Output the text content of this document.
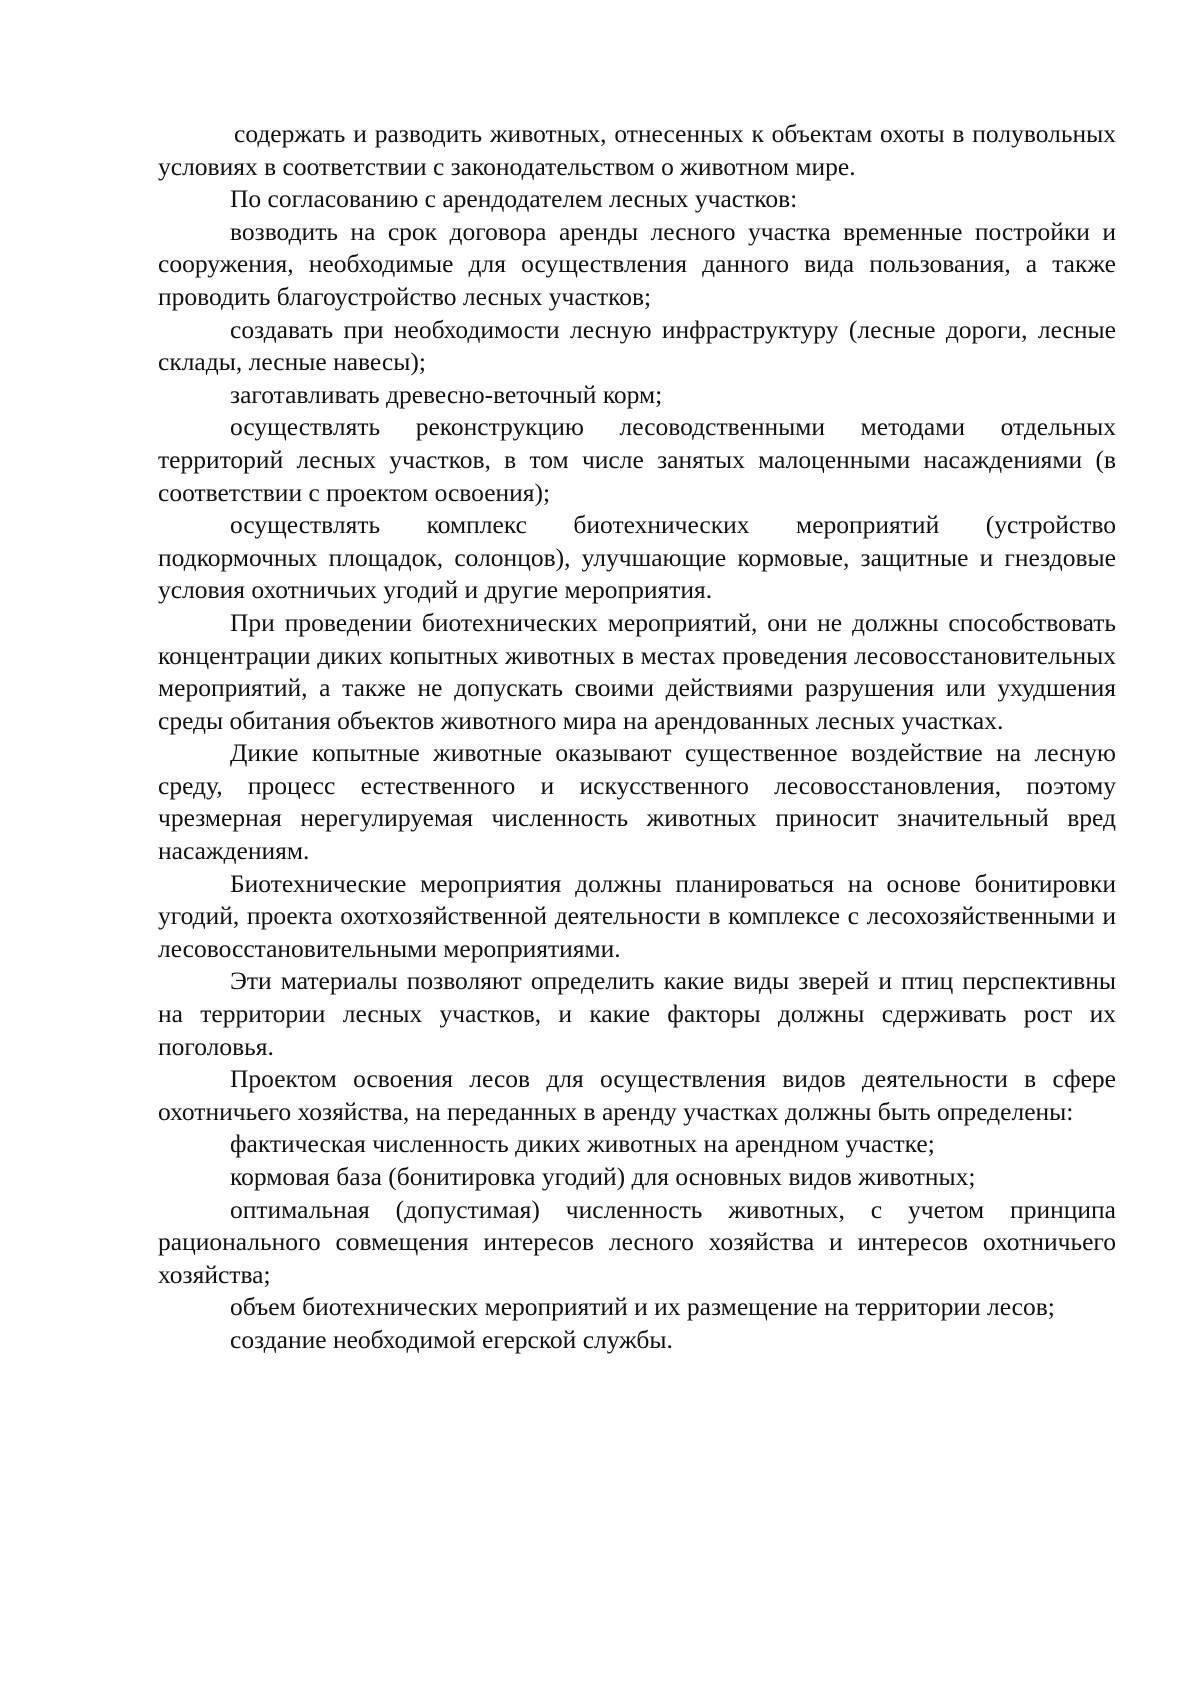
содержать и разводить животных, отнесенных к объектам охоты в полувольных условиях в соответствии с законодательством о животном мире.

По согласованию с арендодателем лесных участков:

возводить на срок договора аренды лесного участка временные постройки и сооружения, необходимые для осуществления данного вида пользования, а также проводить благоустройство лесных участков;

создавать при необходимости лесную инфраструктуру (лесные дороги, лесные склады, лесные навесы);

заготавливать древесно-веточный корм;

осуществлять реконструкцию лесоводственными методами отдельных территорий лесных участков, в том числе занятых малоценными насаждениями (в соответствии с проектом освоения);

осуществлять комплекс биотехнических мероприятий (устройство подкормочных площадок, солонцов), улучшающие кормовые, защитные и гнездовые условия охотничьих угодий и другие мероприятия.

При проведении биотехнических мероприятий, они не должны способствовать концентрации диких копытных животных в местах проведения лесовосстановительных мероприятий, а также не допускать своими действиями разрушения или ухудшения среды обитания объектов животного мира на арендованных лесных участках.

Дикие копытные животные оказывают существенное воздействие на лесную среду, процесс естественного и искусственного лесовосстановления, поэтому чрезмерная нерегулируемая численность животных приносит значительный вред насаждениям.

Биотехнические мероприятия должны планироваться на основе бонитировки угодий, проекта охотхозяйственной деятельности в комплексе с лесохозяйственными и лесовосстановительными мероприятиями.

Эти материалы позволяют определить какие виды зверей и птиц перспективны на территории лесных участков, и какие факторы должны сдерживать рост их поголовья.

Проектом освоения лесов для осуществления видов деятельности в сфере охотничьего хозяйства, на переданных в аренду участках должны быть определены:

фактическая численность диких животных на арендном участке;

кормовая база (бонитировка угодий) для основных видов животных;

оптимальная (допустимая) численность животных, с учетом принципа рационального совмещения интересов лесного хозяйства и интересов охотничьего хозяйства;

объем биотехнических мероприятий и их размещение на территории лесов;

создание необходимой егерской службы.
